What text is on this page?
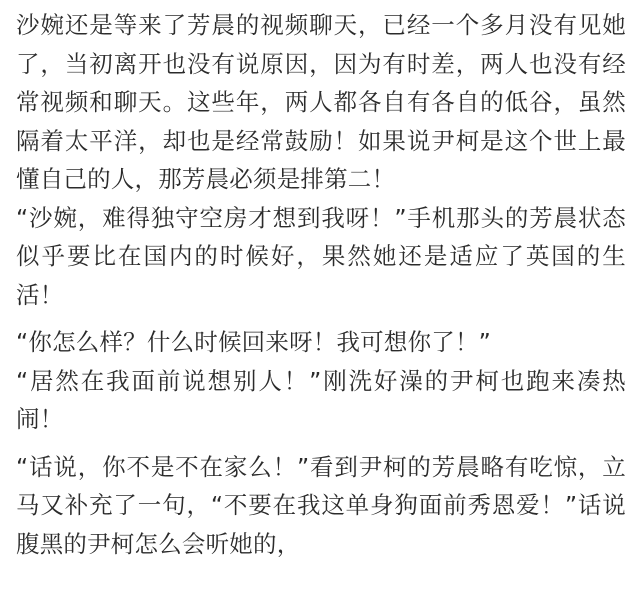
沙婉还是等来了芳晨的视频聊天，已经一个多月没有见她了，当初离开也没有说原因，因为有时差，两人也没有经常视频和聊天。这些年，两人都各自有各自的低谷，虽然隔着太平洋，却也是经常鼓励！如果说尹柯是这个世上最懂自己的人，那芳晨必须是排第二！

“沙婉，难得独守空房才想到我呀！”手机那头的芳晨状态似乎要比在国内的时候好，果然她还是适应了英国的生活！

“你怎么样？什么时候回来呀！我可想你了！”

“居然在我面前说想别人！”刚洗好澡的尹柯也跑来凑热闹！

“话说，你不是不在家么！”看到尹柯的芳晨略有吃惊，立马又补充了一句，“不要在我这单身狗面前秀恩爱！”话说腹黑的尹柯怎么会听她的，
